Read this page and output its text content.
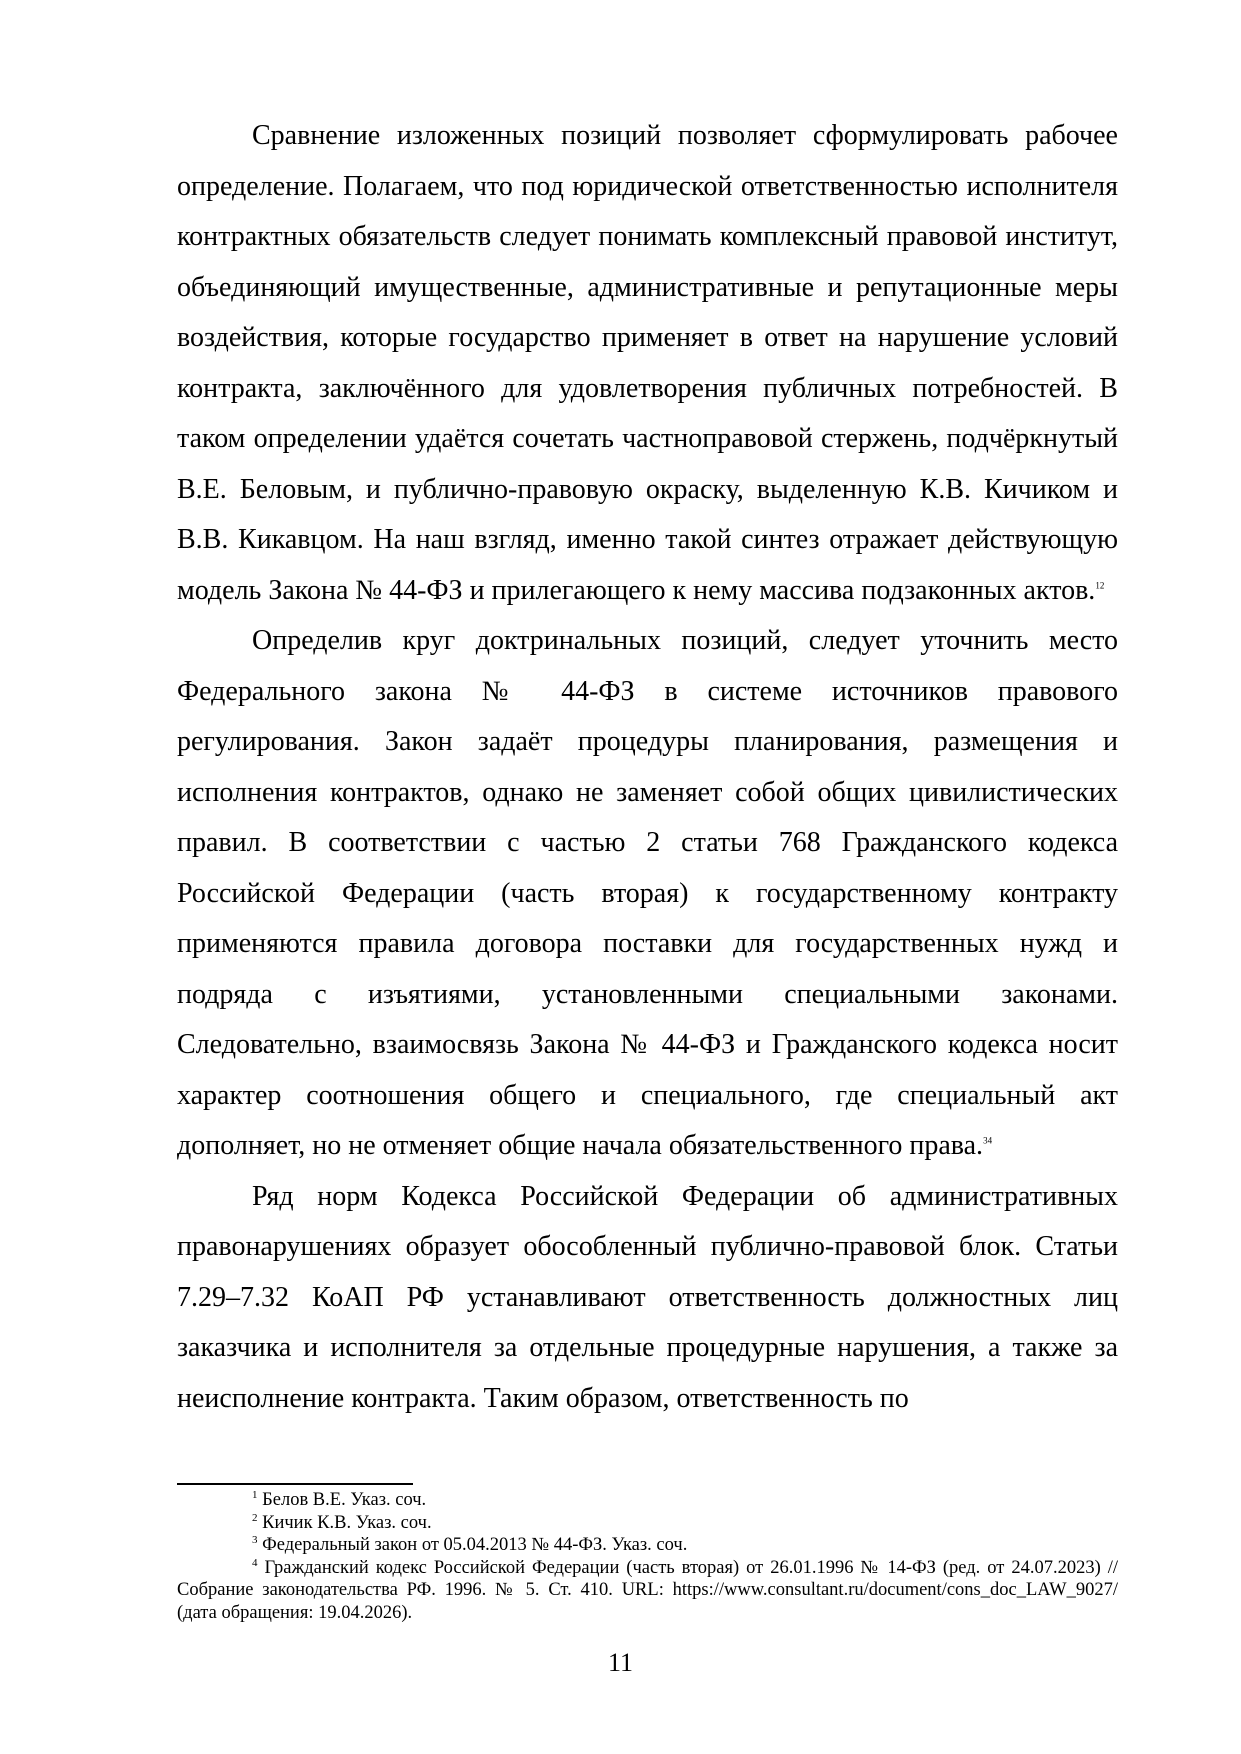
Сравнение изложенных позиций позволяет сформулировать рабочее определение. Полагаем, что под юридической ответственностью исполнителя контрактных обязательств следует понимать комплексный правовой институт, объединяющий имущественные, административные и репутационные меры воздействия, которые государство применяет в ответ на нарушение условий контракта, заключённого для удовлетворения публичных потребностей. В таком определении удаётся сочетать частноправовой стержень, подчёркнутый В.Е. Беловым, и публично-правовую окраску, выделенную К.В. Кичиком и В.В. Кикавцом. На наш взгляд, именно такой синтез отражает действующую модель Закона № 44-ФЗ и прилегающего к нему массива подзаконных актов.$^{12}$

Определив круг доктринальных позиций, следует уточнить место Федерального закона № 44-ФЗ в системе источников правового регулирования. Закон задаёт процедуры планирования, размещения и исполнения контрактов, однако не заменяет собой общих цивилистических правил. В соответствии с частью 2 статьи 768 Гражданского кодекса Российской Федерации (часть вторая) к государственному контракту применяются правила договора поставки для государственных нужд и подряда с изъятиями, установленными специальными законами. Следовательно, взаимосвязь Закона № 44-ФЗ и Гражданского кодекса носит характер соотношения общего и специального, где специальный акт дополняет, но не отменяет общие начала обязательственного права.$^{34}$

Ряд норм Кодекса Российской Федерации об административных правонарушениях образует обособленный публично-правовой блок. Статьи 7.29–7.32 КоАП РФ устанавливают ответственность должностных лиц заказчика и исполнителя за отдельные процедурные нарушения, а также за неисполнение контракта. Таким образом, ответственность по

$^1$ Белов В.Е. Указ. соч.

$^2$ Кичик К.В. Указ. соч.

$^3$ Федеральный закон от 05.04.2013 № 44-ФЗ. Указ. соч.

$^4$ Гражданский кодекс Российской Федерации (часть вторая) от 26.01.1996 № 14-ФЗ (ред. от 24.07.2023) // Собрание законодательства РФ. 1996. № 5. Ст. 410. URL: https://www.consultant.ru/document/cons_doc_LAW_9027/ (дата обращения: 19.04.2026).

11
